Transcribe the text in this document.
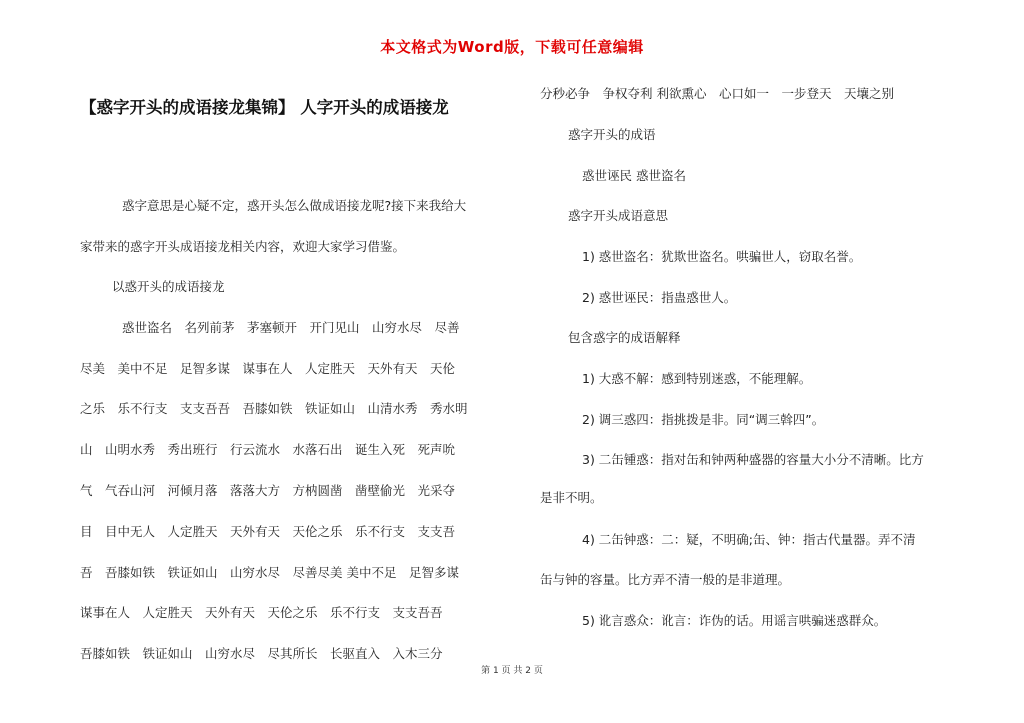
本文格式为Word版，下载可任意编辑
【惑字开头的成语接龙集锦】 人字开头的成语接龙

惑字意思是心疑不定，惑开头怎么做成语接龙呢?接下来我给大

家带来的惑字开头成语接龙相关内容，欢迎大家学习借鉴。

以惑开头的成语接龙

惑世盗名　名列前茅　茅塞顿开　开门见山　山穷水尽　尽善

尽美　美中不足　足智多谋　谋事在人　人定胜天　天外有天　天伦

之乐　乐不行支　支支吾吾　吾膝如铁　铁证如山　山清水秀　秀水明

山　山明水秀　秀出班行　行云流水　水落石出　诞生入死　死声吮

气　气吞山河　河倾月落　落落大方　方枘圆凿　凿壁偷光　光采夺

目　目中无人　人定胜天　天外有天　天伦之乐　乐不行支　支支吾

吾　吾膝如铁　铁证如山　山穷水尽　尽善尽美 美中不足　足智多谋

谋事在人　人定胜天　天外有天　天伦之乐　乐不行支　支支吾吾

吾膝如铁　铁证如山　山穷水尽　尽其所长　长驱直入　入木三分

分秒必争　争权夺利 利欲熏心　心口如一　一步登天　天壤之别

惑字开头的成语

惑世诬民 惑世盗名

惑字开头成语意思

1) 惑世盗名：犹欺世盗名。哄骗世人，窃取名誉。

2) 惑世诬民：指蛊惑世人。

包含惑字的成语解释

1) 大惑不解：感到特别迷惑，不能理解。

2) 调三惑四：指挑拨是非。同“调三斡四”。

3) 二缶锺惑：指对缶和钟两种盛器的容量大小分不清晰。比方

是非不明。

4) 二缶钟惑：二：疑，不明确;缶、钟：指古代量器。弄不清

缶与钟的容量。比方弄不清一般的是非道理。

5) 讹言惑众：讹言：诈伪的话。用谣言哄骗迷惑群众。

第 1 页 共 2 页
